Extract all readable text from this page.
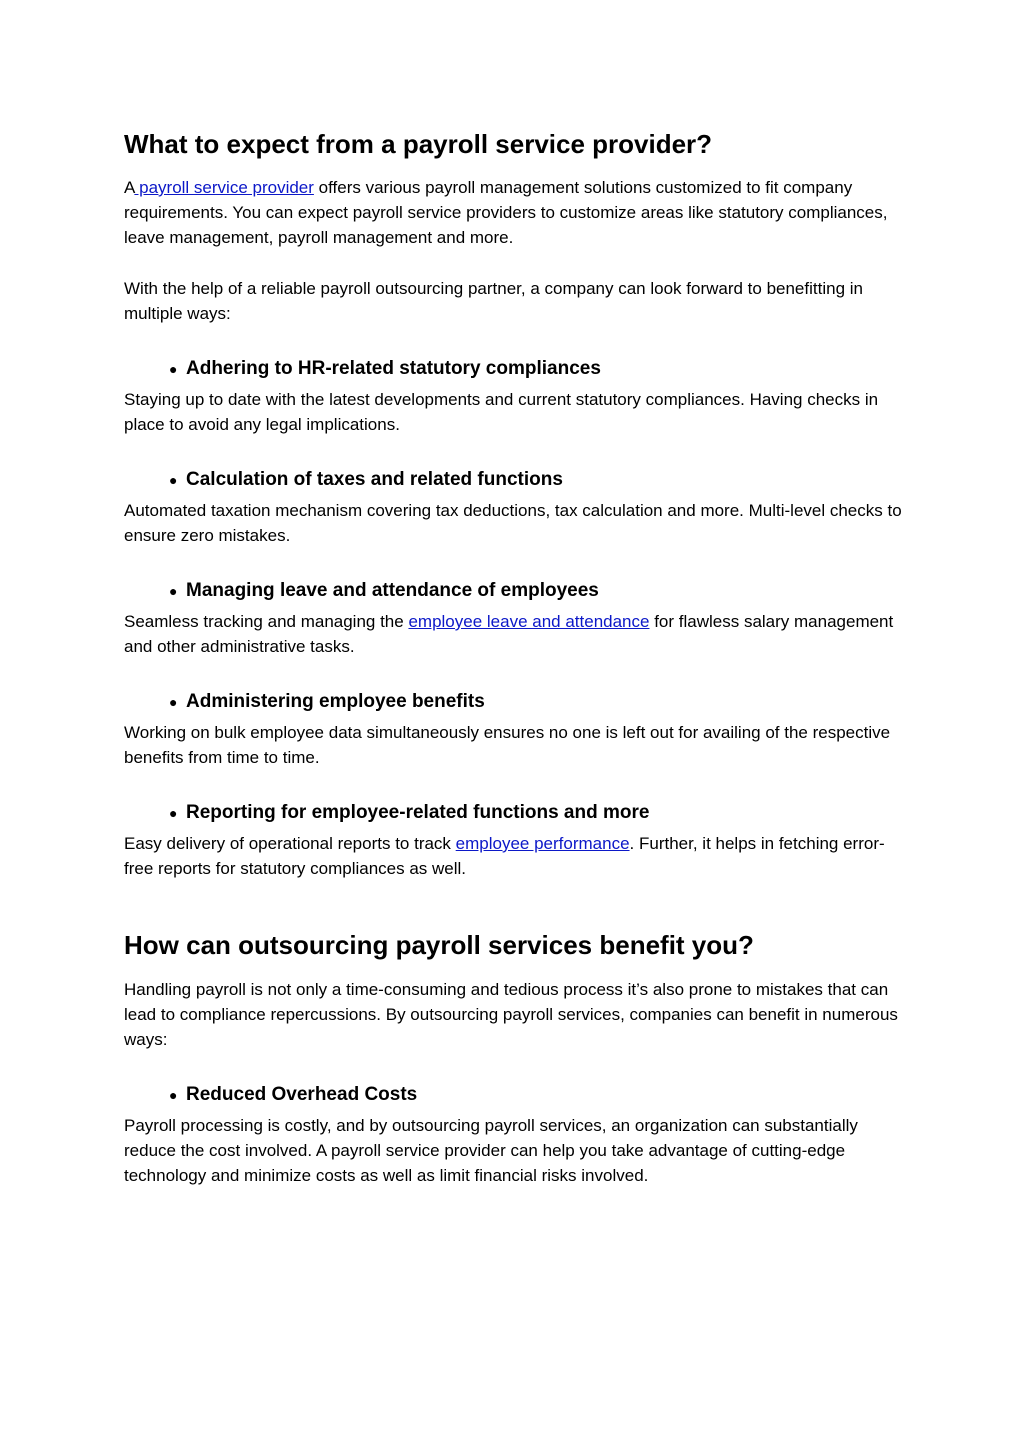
What to expect from a payroll service provider?

A payroll service provider offers various payroll management solutions customized to fit company requirements. You can expect payroll service providers to customize areas like statutory compliances, leave management, payroll management and more.

With the help of a reliable payroll outsourcing partner, a company can look forward to benefitting in multiple ways:

● Adhering to HR-related statutory compliances

Staying up to date with the latest developments and current statutory compliances. Having checks in place to avoid any legal implications.

● Calculation of taxes and related functions

Automated taxation mechanism covering tax deductions, tax calculation and more. Multi-level checks to ensure zero mistakes.

● Managing leave and attendance of employees

Seamless tracking and managing the employee leave and attendance for flawless salary management and other administrative tasks.

● Administering employee benefits

Working on bulk employee data simultaneously ensures no one is left out for availing of the respective benefits from time to time.

● Reporting for employee-related functions and more

Easy delivery of operational reports to track employee performance. Further, it helps in fetching error-free reports for statutory compliances as well.

How can outsourcing payroll services benefit you?

Handling payroll is not only a time-consuming and tedious process it’s also prone to mistakes that can lead to compliance repercussions. By outsourcing payroll services, companies can benefit in numerous ways:

● Reduced Overhead Costs

Payroll processing is costly, and by outsourcing payroll services, an organization can substantially reduce the cost involved. A payroll service provider can help you take advantage of cutting-edge technology and minimize costs as well as limit financial risks involved.
